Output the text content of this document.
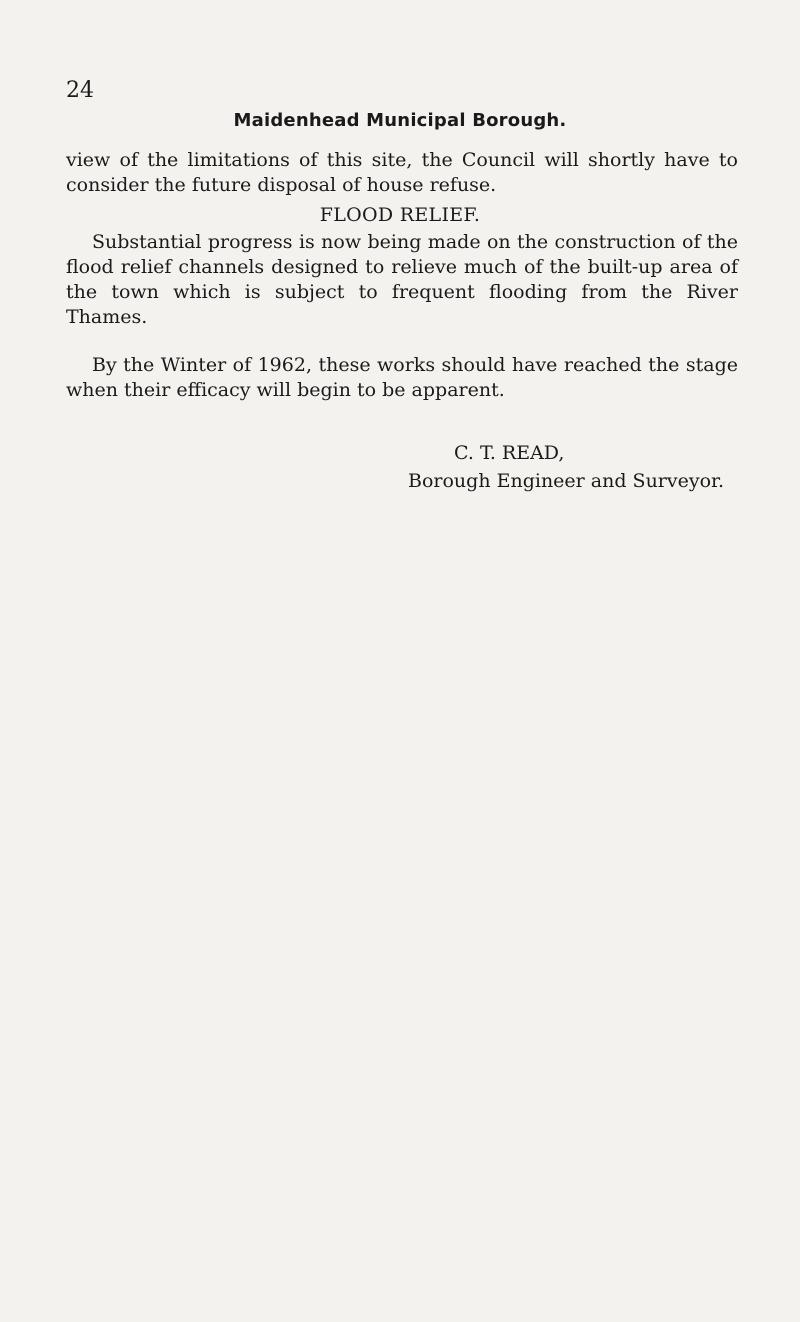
24
Maidenhead Municipal Borough.

view of the limitations of this site, the Council will shortly have to consider the future disposal of house refuse.

FLOOD RELIEF.

Substantial progress is now being made on the construction of the flood relief channels designed to relieve much of the built-up area of the town which is subject to frequent flooding from the River Thames.

By the Winter of 1962, these works should have reached the stage when their efficacy will begin to be apparent.

C. T. READ,
Borough Engineer and Surveyor.
